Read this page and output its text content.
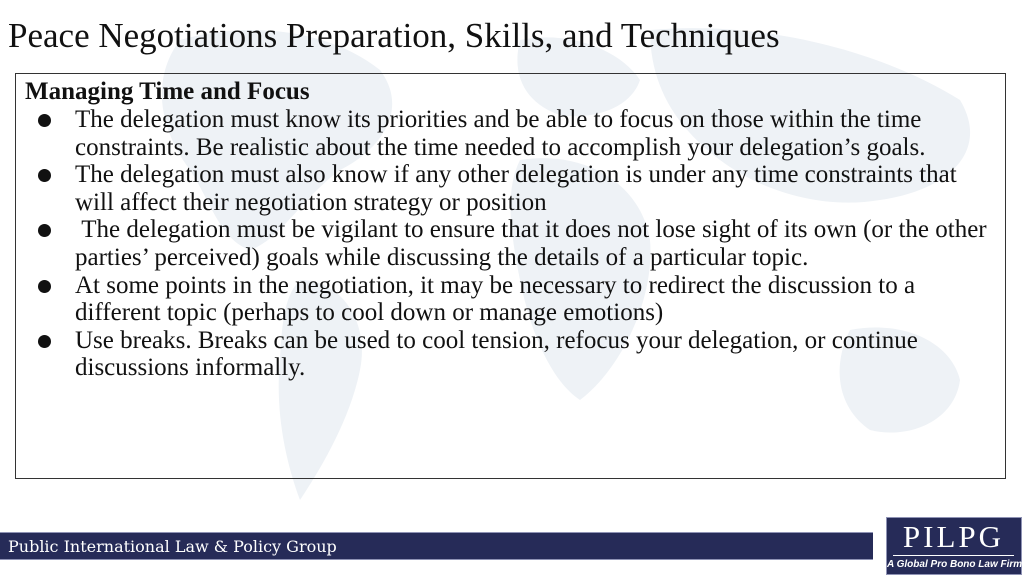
Peace Negotiations Preparation, Skills, and Techniques
Managing Time and Focus
The delegation must know its priorities and be able to focus on those within the time constraints. Be realistic about the time needed to accomplish your delegation’s goals.
The delegation must also know if any other delegation is under any time constraints that will affect their negotiation strategy or position
The delegation must be vigilant to ensure that it does not lose sight of its own (or the other parties’ perceived) goals while discussing the details of a particular topic.
At some points in the negotiation, it may be necessary to redirect the discussion to a different topic (perhaps to cool down or manage emotions)
Use breaks. Breaks can be used to cool tension, refocus your delegation, or continue discussions informally.
Public International Law & Policy Group	PILPG
A Global Pro Bono Law Firm
